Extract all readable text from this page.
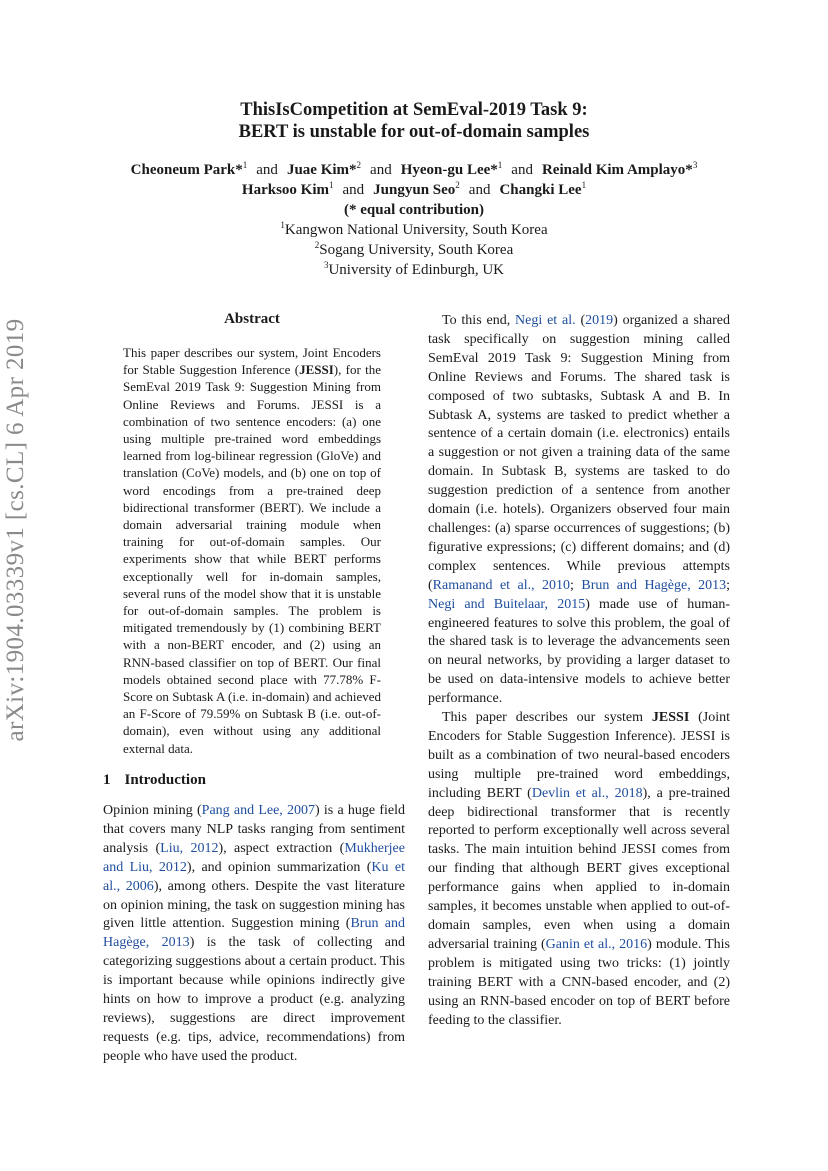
arXiv:1904.03339v1 [cs.CL] 6 Apr 2019
ThisIsCompetition at SemEval-2019 Task 9:
BERT is unstable for out-of-domain samples
Cheoneum Park*$^1$ and Juae Kim*$^2$ and Hyeon-gu Lee*$^1$ and Reinald Kim Amplayo*$^3$
Harksoo Kim$^1$ and Jungyun Seo$^2$ and Changki Lee$^1$
(* equal contribution)
$^1$Kangwon National University, South Korea
$^2$Sogang University, South Korea
$^3$University of Edinburgh, UK
Abstract
This paper describes our system, Joint Encoders for Stable Suggestion Inference (JESSI), for the SemEval 2019 Task 9: Suggestion Mining from Online Reviews and Forums. JESSI is a combination of two sentence encoders: (a) one using multiple pre-trained word embeddings learned from log-bilinear regression (GloVe) and translation (CoVe) models, and (b) one on top of word encodings from a pre-trained deep bidirectional transformer (BERT). We include a domain adversarial training module when training for out-of-domain samples. Our experiments show that while BERT performs exceptionally well for in-domain samples, several runs of the model show that it is unstable for out-of-domain samples. The problem is mitigated tremendously by (1) combining BERT with a non-BERT encoder, and (2) using an RNN-based classifier on top of BERT. Our final models obtained second place with 77.78% F-Score on Subtask A (i.e. in-domain) and achieved an F-Score of 79.59% on Subtask B (i.e. out-of-domain), even without using any additional external data.
1 Introduction

Opinion mining (Pang and Lee, 2007) is a huge field that covers many NLP tasks ranging from sentiment analysis (Liu, 2012), aspect extraction (Mukherjee and Liu, 2012), and opinion summarization (Ku et al., 2006), among others. Despite the vast literature on opinion mining, the task on suggestion mining has given little attention. Suggestion mining (Brun and Hagège, 2013) is the task of collecting and categorizing suggestions about a certain product. This is important because while opinions indirectly give hints on how to improve a product (e.g. analyzing reviews), suggestions are direct improvement requests (e.g. tips, advice, recommendations) from people who have used the product.

To this end, Negi et al. (2019) organized a shared task specifically on suggestion mining called SemEval 2019 Task 9: Suggestion Mining from Online Reviews and Forums. The shared task is composed of two subtasks, Subtask A and B. In Subtask A, systems are tasked to predict whether a sentence of a certain domain (i.e. electronics) entails a suggestion or not given a training data of the same domain. In Subtask B, systems are tasked to do suggestion prediction of a sentence from another domain (i.e. hotels). Organizers observed four main challenges: (a) sparse occurrences of suggestions; (b) figurative expressions; (c) different domains; and (d) complex sentences. While previous attempts (Ramanand et al., 2010; Brun and Hagège, 2013; Negi and Buitelaar, 2015) made use of human-engineered features to solve this problem, the goal of the shared task is to leverage the advancements seen on neural networks, by providing a larger dataset to be used on data-intensive models to achieve better performance.

This paper describes our system JESSI (Joint Encoders for Stable Suggestion Inference). JESSI is built as a combination of two neural-based encoders using multiple pre-trained word embeddings, including BERT (Devlin et al., 2018), a pre-trained deep bidirectional transformer that is recently reported to perform exceptionally well across several tasks. The main intuition behind JESSI comes from our finding that although BERT gives exceptional performance gains when applied to in-domain samples, it becomes unstable when applied to out-of-domain samples, even when using a domain adversarial training (Ganin et al., 2016) module. This problem is mitigated using two tricks: (1) jointly training BERT with a CNN-based encoder, and (2) using an RNN-based encoder on top of BERT before feeding to the classifier.
